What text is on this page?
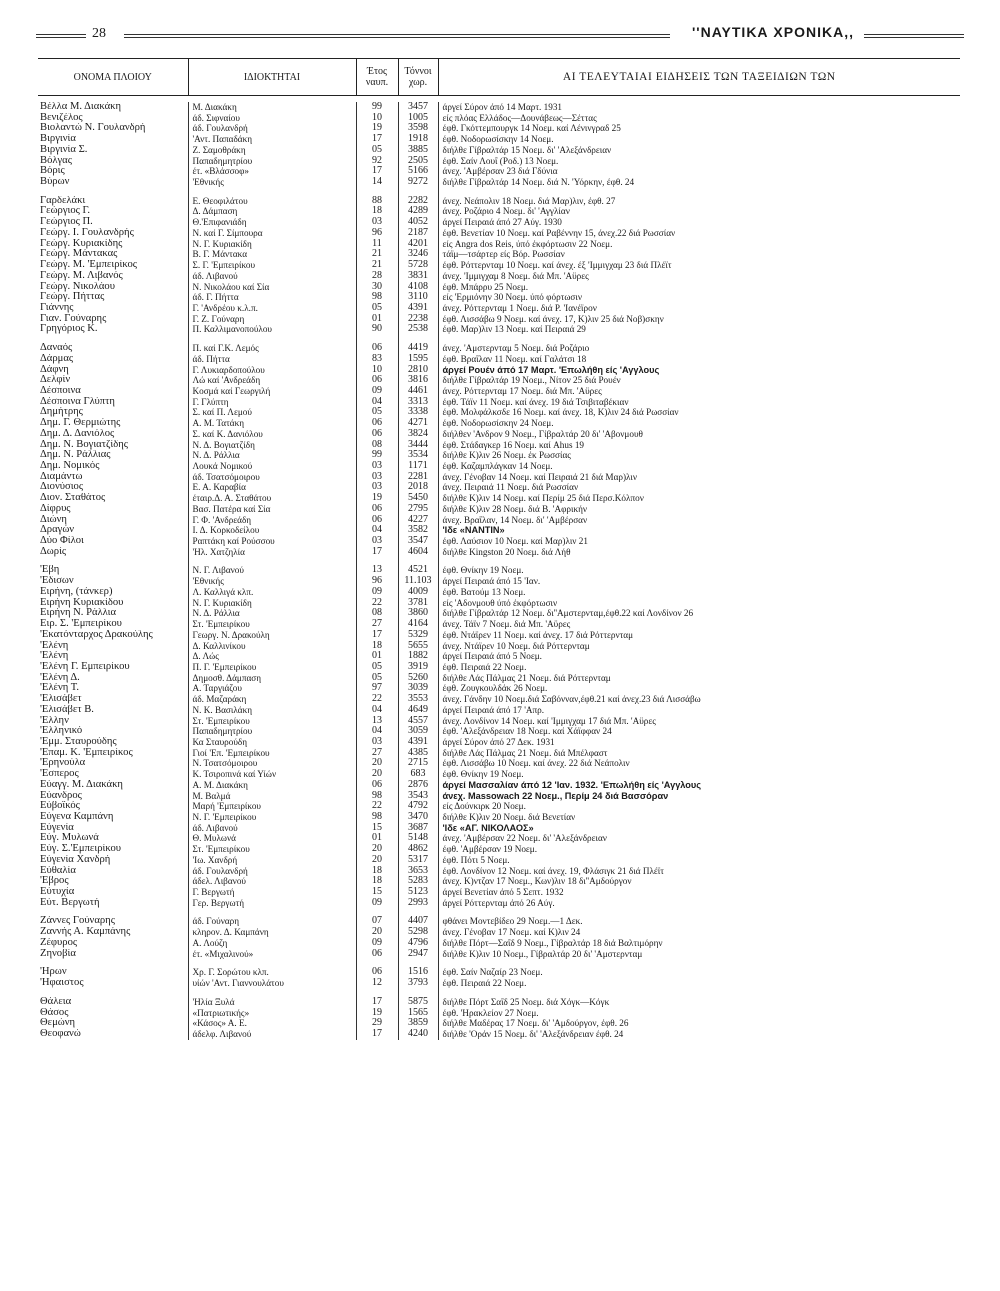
28	''ΝΑΥΤΙΚΑ ΧΡΟΝΙΚΑ,,
ΟΝΟΜΑ ΠΛΟΙΟΥ	ΙΔΙΟΚΤΗΤΑΙ	Έτος ναυπ.	Τόννοι χωρ.	ΑΙ ΤΕΛΕΥΤΑΙΑΙ ΕΙΔΗΣΕΙΣ ΤΩΝ ΤΑΞΕΙΔΙΩΝ ΤΩΝ

Βέλλα Μ. Διακάκη	Μ. Διακάκη	99	3457	άργεί Σύρον άπό 14 Μαρτ. 1931
Βενιζέλος	άδ. Σιφναίου	10	1005	είς πλόας Ελλάδος—Δουνάβεως—Σέττας
Βιολαντώ Ν. Γουλανδρή	άδ. Γουλανδρή	19	3598	έφθ. Γκόττεμπουργκ 14 Νοεμ. καί Λένινγραδ 25
Βιργινία	'Αντ. Παπαδάκη	17	1918	έφθ. Νοδορωσίσκην 14 Νοεμ.
Βιργινία Σ.	Ζ. Σαμοθράκη	05	3885	διήλθε Γίβραλτάρ 15 Νοεμ. δι' 'Αλεξάνδρειαν
Βόλγας	Παπαδημητρίου	92	2505	έφθ. Σαίν Λουΐ (Ροδ.) 13 Νοεμ.
Βόρις	έτ. «Βλάσσοφ»	17	5166	άνεχ. 'Αμβέρσαν 23 διά Γδύνια
Βύρων	'Εθνικής	14	9272	διήλθε Γίβραλτάρ 14 Νοεμ. διά Ν. 'Υόρκην, έφθ. 24

Γαρδελάκι	Ε. Θεοφιλάτου	88	2282	άνεχ. Νεάπολιν 18 Νοεμ. διά Μαρ)λιν, έφθ. 27
Γεώργιος Γ.	Δ. Δάμπαση	18	4289	άνεχ. Ροζάριο 4 Νοεμ. δι' 'Αγγλίαν
Γεώργιος Π.	Θ.'Επιφανιάδη	03	4052	άργεί Πειραιά άπό 27 Αύγ. 1930
Γεώργ. Ι. Γουλανδρής	Ν. καί Γ. Σίμπουρα	96	2187	έφθ. Βενετίαν 10 Νοεμ. καί Ραβέννην 15, άνεχ.22 διά Ρωσσίαν
Γεώργ. Κυριακίδης	Ν. Γ. Κυριακίδη	11	4201	είς Angra dos Reis, ύπό έκφόρτωσιν 22 Νοεμ.
Γεώργ. Μάντακας	Β. Γ. Μάντακα	21	3246	τάϊμ—τσάρτερ είς Βόρ. Ρωσσίαν
Γεώργ. Μ. 'Εμπειρίκος	Σ. Γ. 'Εμπειρίκου	21	5728	έφθ. Ρόττερνταμ 10 Νοεμ. καί άνεχ. έξ 'Ιμμιγχαμ 23 διά Πλέϊτ
Γεώργ. Μ. Λιβανός	άδ. Λιβανού	28	3831	άνεχ. 'Ιμμιγχαμ 8 Νοεμ. διά Μπ. 'Αϋρες
Γεώργ. Νικολάου	Ν. Νικολάου καί Σία	30	4108	έφθ. Μπάρρυ 25 Νοεμ.
Γεώργ. Πήττας	άδ. Γ. Πήττα	98	3110	είς 'Ερμιόνην 30 Νοεμ. ύπό φόρτωσιν
Γιάννης	Γ. 'Ανδρέου κ.λ.π.	05	4391	άνεχ. Ρόττερνταμ 1 Νοεμ. διά Ρ. 'Ιανέϊρον
Γιαν. Γούναρης	Γ. Ζ. Γούναρη	01	2238	έφθ. Λισσάβω 9 Νοεμ. καί άνεχ. 17, Κ)λιν 25 διά Νοβ)σκην
Γρηγόριος Κ.	Π. Καλλιμανοπούλου	90	2538	έφθ. Μαρ)λιν 13 Νοεμ. καί Πειραιά 29

Δαναός	Π. καί Γ.Κ. Λεμός	06	4419	άνεχ. 'Αμστερνταμ 5 Νοεμ. διά Ροζάριο
Δάρμας	άδ. Πήττα	83	1595	έφθ. Βραΐλαν 11 Νοεμ. καί Γαλάτσι 18
Δάφνη	Γ. Λυκιαρδοπούλου	10	2810	άργεί Ρουέν άπό 17 Μαρτ. 'Επωλήθη είς 'Αγγλους
Δελφίν	Λώ καί 'Ανδρεάδη	06	3816	διήλθε Γίβραλτάρ 19 Νοεμ., Νίτον 25 διά Ρουέν
Δέσποινα	Κοσμά καί Γεωργιλή	09	4461	άνεχ. Ρόττερνταμ 17 Νοεμ. διά Μπ. 'Αϋρες
Δέσποινα Γλύπτη	Γ. Γλύπτη	04	3313	έφθ. Τάϊν 11 Νοεμ. καί άνεχ. 19 διά Τσιβιταβέκιαν
Δημήτρης	Σ. καί Π. Λεμού	05	3338	έφθ. Μολφάλκσδε 16 Νοεμ. καί άνεχ. 18, Κ)λιν 24 διά Ρωσσίαν
Δημ. Γ. Θερμιώτης	Α. Μ. Τατάκη	06	4271	έφθ. Νοδορωσίσκην 24 Νοεμ.
Δημ. Δ. Δανιόλος	Σ. καί Κ. Δανιόλου	06	3824	διήλθεν 'Ανδρον 9 Νοεμ., Γίβραλτάρ 20 δι' 'Αβονμουθ
Δημ. Ν. Βογιατζίδης	Ν. Δ. Βογιατζίδη	08	3444	έφθ. Στάδαγκερ 16 Νοεμ. καί Ahus 19
Δημ. Ν. Ράλλιας	Ν. Δ. Ράλλια	99	3534	διήλθε Κ)λιν 26 Νοεμ. έκ Ρωσσίας
Δημ. Νομικός	Λουκά Νομικού	03	1171	έφθ. Καζαμπλάγκαν 14 Νοεμ.
Διαμάντω	άδ. Τσατσόμοιρου	03	2281	άνεχ. Γένοβαν 14 Νοεμ. καί Πειραιά 21 διά Μαρ)λιν
Διονύσιος	Ε. Α. Καραβία	03	2018	άνεχ. Πειραιά 11 Νοεμ. διά Ρωσσίαν
Διον. Σταθάτος	έταιρ.Δ. Α. Σταθάτου	19	5450	διήλθε Κ)λιν 14 Νοεμ. καί Περίμ 25 διά Περσ.Κόλπον
Δίφρυς	Βασ. Πατέρα καί Σία	06	2795	διήλθε Κ)λιν 28 Νοεμ. διά Β. 'Αφρικήν
Διώνη	Γ. Φ. 'Ανδρεάδη	06	4227	άνεχ. Βραΐλαν, 14 Νοεμ. δι' 'Αμβέρσαν
Δραγών	Ι. Δ. Κορκοδείλου	04	3582	'Ιδε «ΝΑΝΤΙΝ»
Δύο Φίλοι	Ραπτάκη καί Ρούσσου	03	3547	έφθ. Λαύσιον 10 Νοεμ. καί Μαρ)λιν 21
Δωρίς	'Ηλ. Χατζηλία	17	4604	διήλθε Kingston 20 Νοεμ. διά Λήθ

'Εβη	Ν. Γ. Λιβανού	13	4521	έφθ. Θνίκην 19 Νοεμ.
'Εδισων	'Εθνικής	96	11.103	άργεί Πειραιά άπό 15 'Ιαν.
Ειρήνη, (τάνκερ)	Λ. Καλλιγά κλπ.	09	4009	έφθ. Βατούμ 13 Νοεμ.
Ειρήνη Κυριακίδου	Ν. Γ. Κυριακίδη	22	3781	είς 'Αδονμουθ ύπό έκφόρτωσιν
Ειρήνη Ν. Ράλλια	Ν. Δ. Ράλλια	08	3860	διήλθε Γίβραλτάρ 12 Νοεμ. δι''Αμστερνταμ,έφθ.22 καί Λονδίνον 26
Ειρ. Σ. 'Εμπειρίκου	Στ. 'Εμπειρίκου	27	4164	άνεχ. Τάϊν 7 Νοεμ. διά Μπ. 'Αϋρες
'Εκατόνταρχος Δρακούλης	Γεωργ. Ν. Δρακούλη	17	5329	έφθ. Ντάϊρεν 11 Νοεμ. καί άνεχ. 17 διά Ρόττερνταμ
'Ελένη	Δ. Καλλινίκου	18	5655	άνεχ. Ντάϊρεν 10 Νοεμ. διά Ρόττερνταμ
'Ελένη	Δ. Λώς	01	1882	άργεί Πειραιά άπό 5 Νοεμ.
'Ελένη Γ. Εμπειρίκου	Π. Γ. 'Εμπειρίκου	05	3919	έφθ. Πειραιά 22 Νοεμ.
'Ελένη Δ.	Δημοσθ. Δάμπαση	05	5260	διήλθε Λάς Πάλμας 21 Νοεμ. διά Ρόττερνταμ
'Ελένη Τ.	Α. Ταργιάζου	97	3039	έφθ. Ζουγκουλδάκ 26 Νοεμ.
'Ελισάβετ	άδ. Μαζαράκη	22	3553	άνεχ. Γάνδην 10 Νοεμ.διά Σαβόνναν,έφθ.21 καί άνεχ.23 διά Λισσάβω
'Ελισάβετ Β.	Ν. Κ. Βασιλάκη	04	4649	άργεί Πειραιά άπό 17 'Απρ.
'Ελλην	Στ. 'Εμπειρίκου	13	4557	άνεχ. Λονδίνον 14 Νοεμ. καί 'Ιμμιγχαμ 17 διά Μπ. 'Αϋρες
'Ελληνικό	Παπαδημητρίου	04	3059	έφθ. 'Αλεξάνδρειαν 18 Νοεμ. καί Χάϊφφαν 24
'Εμμ. Σταυρούδης	Κα Σταυρούδη	03	4391	άργεί Σύρον άπό 27 Δεκ. 1931
'Επαμ. Κ. 'Εμπειρίκος	Γιοί 'Επ. 'Εμπειρίκου	27	4385	διήλθε Λάς Πάλμας 21 Νοεμ. διά Μπέλφαστ
'Ερηνούλα	Ν. Τσατσόμοιρου	20	2715	έφθ. Λισσάβω 10 Νοεμ. καί άνεχ. 22 διά Νεάπολιν
'Εσπερος	Κ. Τσιροπινά καί Υίών	20	683	έφθ. Θνίκην 19 Νοεμ.
Εύαγγ. Μ. Διακάκη	Α. Μ. Διακάκη	06	2876	άργεί Μασσαλίαν άπό 12 'Ιαν. 1932. 'Επωλήθη είς 'Αγγλους
Εύανδρος	Μ. Βαλμά	98	3543	άνεχ. Massowach 22 Νοεμ., Περίμ 24 διά Βασσόραν
Εύβοϊκός	Μαρή 'Εμπειρίκου	22	4792	είς Δούνκιρκ 20 Νοεμ.
Εύγενα Καμπάνη	Ν. Γ. 'Εμπειρίκου	98	3470	διήλθε Κ)λιν 20 Νοεμ. διά Βενετίαν
Εύγενία	άδ. Λιβανού	15	3687	'Ιδε «ΑΓ. ΝΙΚΟΛΑΟΣ»
Εύγ. Μυλωνά	Θ. Μυλωνά	01	5148	άνεχ. 'Αμβέρσαν 22 Νοεμ. δι' 'Αλεξάνδρειαν
Εύγ. Σ.'Εμπειρίκου	Στ. 'Εμπειρίκου	20	4862	έφθ. 'Αμβέρσαν 19 Νοεμ.
Εύγενία Χανδρή	'Ιω. Χανδρή	20	5317	έφθ. Πότι 5 Νοεμ.
Εύθαλία	άδ. Γουλανδρή	18	3653	έφθ. Λονδίνον 12 Νοεμ. καί άνεχ. 19, Φλάσιγκ 21 διά Πλέϊτ
'Εβρος	άδελ. Λιβανού	18	5283	άνεχ. Κ)ντζαν 17 Νοεμ., Κων)λιν 18 δι''Αμδούργον
Εύτυχία	Γ. Βεργωτή	15	5123	άργεί Βενετίαν άπό 5 Σεπτ. 1932
Εύτ. Βεργωτή	Γερ. Βεργωτή	09	2993	άργεί Ρόττερνταμ άπό 26 Αύγ.

Ζάννες Γούναρης	άδ. Γούναρη	07	4407	φθάνει Μοντεβίδεο 29 Νοεμ.—1 Δεκ.
Ζαννής Α. Καμπάνης	κληρον. Δ. Καμπάνη	20	5298	άνεχ. Γένοβαν 17 Νοεμ. καί Κ)λιν 24
Ζέφυρος	Α. Λούζη	09	4796	διήλθε Πόρτ—Σαΐδ 9 Νοεμ., Γίβραλτάρ 18 διά Βαλτιμόρην
Ζηνοβία	έτ. «Μιχαλινού»	06	2947	διήλθε Κ)λιν 10 Νοεμ., Γίβραλτάρ 20 δι' 'Αμστερνταμ

'Ηρων	Χρ. Γ. Σορώτου κλπ.	06	1516	έφθ. Σαίν Ναζαίρ 23 Νοεμ.
'Ηφαιστος	υίών 'Αντ. Γιαννουλάτου	12	3793	έφθ. Πειραιά 22 Νοεμ.

Θάλεια	'Ηλία Ξυλά	17	5875	διήλθε Πόρτ Σαΐδ 25 Νοεμ. διά Χόγκ—Κόγκ
Θάσος	«Πατριωτικής»	19	1565	έφθ. 'Ηρακλείον 27 Νοεμ.
Θεμώνη	«Κάσος» Α. Ε.	29	3859	διήλθε Μαδέρας 17 Νοεμ. δι' 'Αμδούργον, έφθ. 26
Θεοφανώ	άδελφ. Λιβανού	17	4240	διήλθε 'Οράν 15 Νοεμ. δι' 'Αλεξάνδρειαν έφθ. 24
